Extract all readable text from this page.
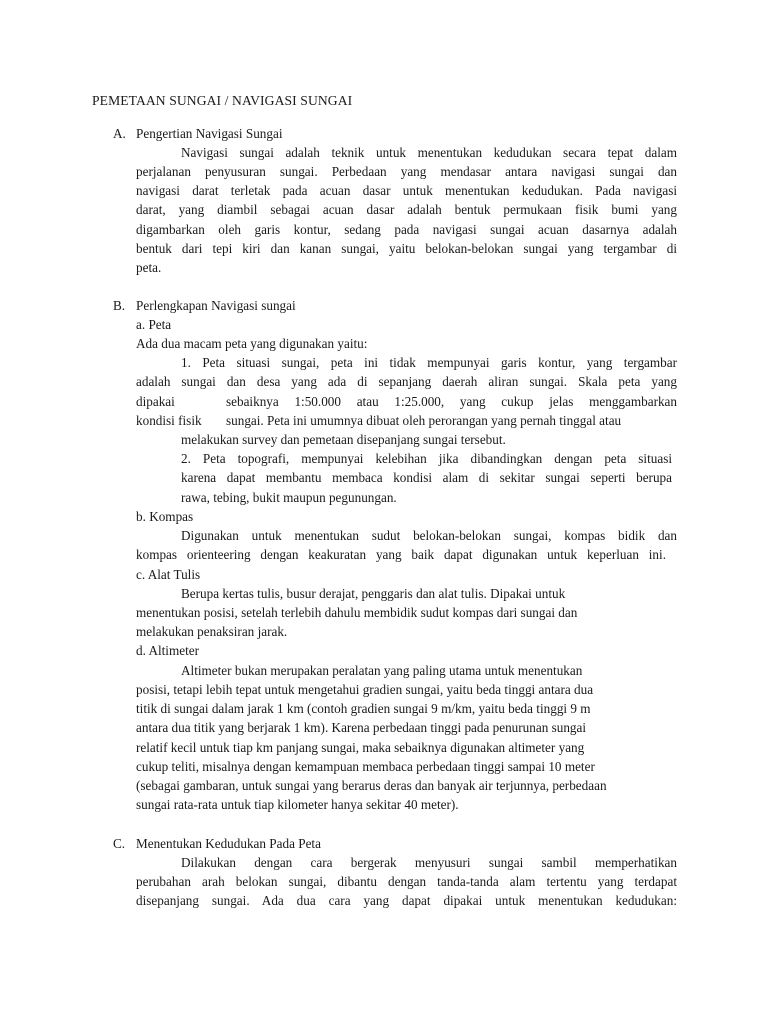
PEMETAAN SUNGAI / NAVIGASI SUNGAI
A. Pengertian Navigasi Sungai
Navigasi sungai adalah teknik untuk menentukan kedudukan secara tepat dalam
perjalanan penyusuran sungai. Perbedaan yang mendasar antara navigasi sungai dan
navigasi darat terletak pada acuan dasar untuk menentukan kedudukan. Pada navigasi
darat, yang diambil sebagai acuan dasar adalah bentuk permukaan fisik bumi yang
digambarkan oleh garis kontur, sedang pada navigasi sungai acuan dasarnya adalah
bentuk dari tepi kiri dan kanan sungai, yaitu belokan-belokan sungai yang tergambar di
peta.
B. Perlengkapan Navigasi sungai
a. Peta
Ada dua macam peta yang digunakan yaitu:
1. Peta situasi sungai, peta ini tidak mempunyai garis kontur, yang tergambar
adalah sungai dan desa yang ada di sepanjang daerah aliran sungai. Skala peta yang
dipakai	sebaiknya 1:50.000 atau 1:25.000, yang cukup jelas menggambarkan
kondisi fisik sungai. Peta ini umumnya dibuat oleh perorangan yang pernah tinggal atau
melakukan survey dan pemetaan disepanjang sungai tersebut.
2. Peta topografi, mempunyai kelebihan jika dibandingkan dengan peta situasi
karena dapat membantu membaca kondisi alam di sekitar sungai seperti berupa
rawa, tebing, bukit maupun pegunungan.
b. Kompas
Digunakan untuk menentukan sudut belokan-belokan sungai, kompas bidik dan
kompas orienteering dengan keakuratan yang baik dapat digunakan untuk keperluan ini.
c. Alat Tulis
Berupa kertas tulis, busur derajat, penggaris dan alat tulis. Dipakai untuk
menentukan posisi, setelah terlebih dahulu membidik sudut kompas dari sungai dan
melakukan penaksiran jarak.
d. Altimeter
Altimeter bukan merupakan peralatan yang paling utama untuk menentukan
posisi, tetapi lebih tepat untuk mengetahui gradien sungai, yaitu beda tinggi antara dua
titik di sungai dalam jarak 1 km (contoh gradien sungai 9 m/km, yaitu beda tinggi 9 m
antara dua titik yang berjarak 1 km). Karena perbedaan tinggi pada penurunan sungai
relatif kecil untuk tiap km panjang sungai, maka sebaiknya digunakan altimeter yang
cukup teliti, misalnya dengan kemampuan membaca perbedaan tinggi sampai 10 meter
(sebagai gambaran, untuk sungai yang berarus deras dan banyak air terjunnya, perbedaan
sungai rata-rata untuk tiap kilometer hanya sekitar 40 meter).
C. Menentukan Kedudukan Pada Peta
Dilakukan dengan cara bergerak menyusuri sungai sambil memperhatikan
perubahan arah belokan sungai, dibantu dengan tanda-tanda alam tertentu yang terdapat
disepanjang sungai. Ada dua cara yang dapat dipakai untuk menentukan kedudukan:
